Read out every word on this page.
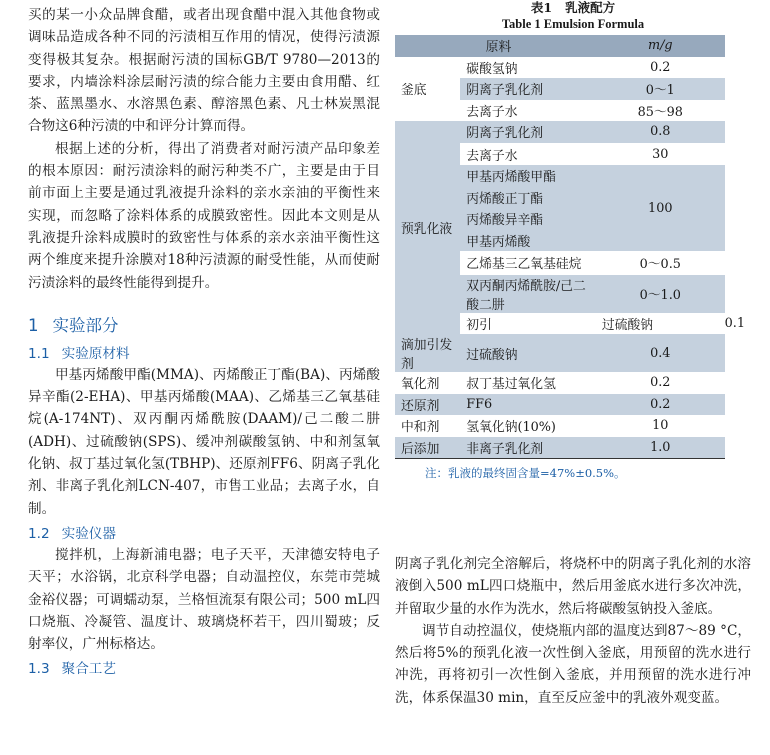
买的某一小众品牌食醋，或者出现食醋中混入其他食物或调味品造成各种不同的污渍相互作用的情况，使得污渍源变得极其复杂。根据耐污渍的国标GB/T 9780—2013的要求，内墙涂料涂层耐污渍的综合能力主要由食用醋、红茶、蓝黑墨水、水溶黑色素、醇溶黑色素、凡士林炭黑混合物这6种污渍的中和评分计算而得。

根据上述的分析，得出了消费者对耐污渍产品印象差的根本原因：耐污渍涂料的耐污种类不广，主要是由于目前市面上主要是通过乳液提升涂料的亲水亲油的平衡性来实现，而忽略了涂料体系的成膜致密性。因此本文则是从乳液提升涂料成膜时的致密性与体系的亲水亲油平衡性这两个维度来提升涂膜对18种污渍源的耐受性能，从而使耐污渍涂料的最终性能得到提升。

1 实验部分
1.1 实验原材料

甲基丙烯酸甲酯(MMA)、丙烯酸正丁酯(BA)、丙烯酸异辛酯(2-EHA)、甲基丙烯酸(MAA)、乙烯基三乙氧基硅烷(A-174NT)、双丙酮丙烯酰胺(DAAM)/己二酸二肼(ADH)、过硫酸钠(SPS)、缓冲剂碳酸氢钠、中和剂氢氧化钠、叔丁基过氧化氢(TBHP)、还原剂FF6、阴离子乳化剂、非离子乳化剂LCN-407，市售工业品；去离子水，自制。

1.2 实验仪器

搅拌机，上海新浦电器；电子天平，天津德安特电子天平；水浴锅，北京科学电器；自动温控仪，东莞市莞城金裕仪器；可调蠕动泵，兰格恒流泵有限公司；500 mL四口烧瓶、冷凝管、温度计、玻璃烧杯若干，四川蜀玻；反射率仪，广州标格达。

1.3 聚合工艺
表1 乳液配方
Table 1 Emulsion Formula
原料		m/g	
釜底	碳酸氢钠	0.2	
	阴离子乳化剂	0～1	
	去离子水	85～98	
预乳化液	阴离子乳化剂	0.8	
	去离子水	30	
	甲基丙烯酸甲酯	100	
	丙烯酸正丁酯		
	丙烯酸异辛酯		
	甲基丙烯酸		
	乙烯基三乙氧基硅烷	0～0.5	
	双丙酮丙烯酰胺/己二酸二肼	0～1.0	
	初引	过硫酸钠	0.1
滴加引发剂	过硫酸钠	0.4	
氧化剂	叔丁基过氧化氢	0.2	
还原剂	FF6	0.2	
中和剂	氢氧化钠(10%)	10	
后添加	非离子乳化剂	1.0	
注：乳液的最终固含量=47%±0.5%。

阴离子乳化剂完全溶解后，将烧杯中的阴离子乳化剂的水溶液倒入500 mL四口烧瓶中，然后用釜底水进行多次冲洗，并留取少量的水作为洗水，然后将碳酸氢钠投入釜底。

调节自动控温仪，使烧瓶内部的温度达到87～89 °C，然后将5%的预乳化液一次性倒入釜底，用预留的洗水进行冲洗，再将初引一次性倒入釜底，并用预留的洗水进行冲洗，体系保温30 min，直至反应釜中的乳液外观变蓝。
